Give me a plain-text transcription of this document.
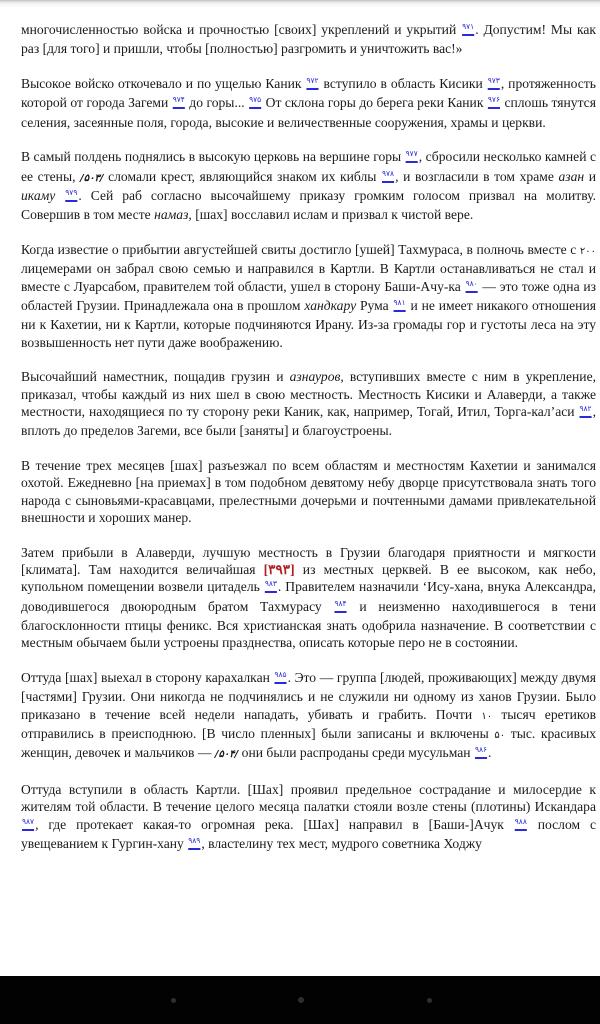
многочисленностью войска и прочностью [своих] укреплений и укрытий $^{۹۷۱}$. Допустим! Мы как раз [для того] и пришли, чтобы [полностью] разгромить и уничтожить вас!»

Высокое войско откочевало и по ущелью Каник $^{۹۷۲}$ вступило в область Кисики $^{۹۷۳}$, протяженность которой от города Загеми $^{۹۷۴}$ до горы... $^{۹۷۵}$ От склона горы до берега реки Каник $^{۹۷۶}$ сплошь тянутся селения, засеянные поля, города, высокие и величественные сооружения, храмы и церкви.

В самый полдень поднялись в высокую церковь на вершине горы $^{۹۷۷}$, сбросили несколько камней с ее стены, /۵۰۳/ сломали крест, являющийся знаком их киблы $^{۹۷۸}$, и возгласили в том храме азан и икаму $^{۹۷۹}$. Сей раб согласно высочайшему приказу громким голосом призвал на молитву. Совершив в том месте намаз, [шах] восславил ислам и призвал к чистой вере.

Когда известие о прибытии августейшей свиты достигло [ушей] Тахмураса, в полночь вместе с ۲۰۰ лицемерами он забрал свою семью и направился в Картли. В Картли останавливаться не стал и вместе с Луарсабом, правителем той области, ушел в сторону Баши-Ачу-ка $^{۹۸۰}$ — это тоже одна из областей Грузии. Принадлежала она в прошлом хандкару Рума $^{۹۸۱}$ и не имеет никакого отношения ни к Кахетии, ни к Картли, которые подчиняются Ирану. Из-за громады гор и густоты леса на эту возвышенность нет пути даже воображению.

Высочайший наместник, пощадив грузин и азнауров, вступивших вместе с ним в укрепление, приказал, чтобы каждый из них шел в свою местность. Местность Кисики и Алаверди, а также местности, находящиеся по ту сторону реки Каник, как, например, Тогай, Итил, Торга-кал’аси $^{۹۸۲}$, вплоть до пределов Загеми, все были [заняты] и благоустроены.

В течение трех месяцев [шах] разъезжал по всем областям и местностям Кахетии и занимался охотой. Ежедневно [на приемах] в том подобном девятому небу дворце присутствовала знать того народа с сыновьями-красавцами, прелестными дочерьми и почтенными дамами привлекательной внешности и хороших манер.

Затем прибыли в Алаверди, лучшую местность в Грузии благодаря приятности и мягкости [климата]. Там находится величайшая [۳۹۳] из местных церквей. В ее высоком, как небо, купольном помещении возвели цитадель $^{۹۸۳}$. Правителем назначили ‘Ису-хана, внука Александра, доводившегося двоюродным братом Тахмурасу $^{۹۸۴}$ и неизменно находившегося в тени благосклонности птицы феникс. Вся христианская знать одобрила назначение. В соответствии с местным обычаем были устроены празднества, описать которые перо не в состоянии.

Оттуда [шах] выехал в сторону карахалкан $^{۹۸۵}$. Это — группа [людей, проживающих] между двумя [частями] Грузии. Они никогда не подчинялись и не служили ни одному из ханов Грузии. Было приказано в течение всей недели нападать, убивать и грабить. Почти ۱۰ тысяч еретиков отправились в преисподнюю. [В число пленных] были записаны и включены ۵۰ тыс. красивых женщин, девочек и мальчиков — /۵۰۴/ они были распроданы среди мусульман $^{۹۸۶}$.

Оттуда вступили в область Картли. [Шах] проявил предельное сострадание и милосердие к жителям той области. В течение целого месяца палатки стояли возле стены (плотины) Искандара $^{۹۸۷}$, где протекает какая-то огромная река. [Шах] направил в [Баши-]Ачук $^{۹۸۸}$ послом с увещеванием к Гургин-хану $^{۹۸۹}$, властелину тех мест, мудрого советника Ходжу
